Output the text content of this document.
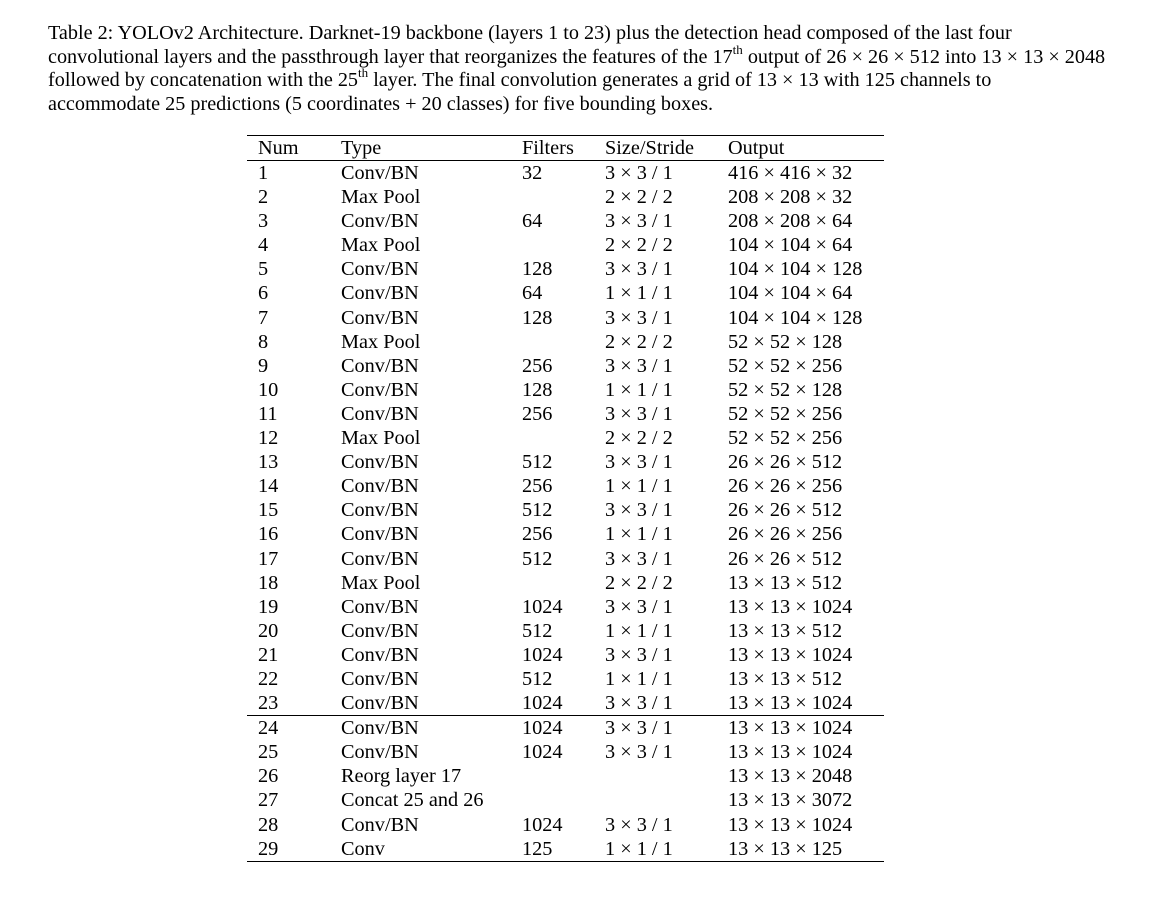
Table 2: YOLOv2 Architecture. Darknet-19 backbone (layers 1 to 23) plus the detection head composed of the last four convolutional layers and the passthrough layer that reorganizes the features of the 17th output of 26 × 26 × 512 into 13 × 13 × 2048 followed by concatenation with the 25th layer. The final convolution generates a grid of 13 × 13 with 125 channels to accommodate 25 predictions (5 coordinates + 20 classes) for five bounding boxes.
Num	Type	Filters	Size/Stride	Output
1	Conv/BN	32	3 × 3 / 1	416 × 416 × 32
2	Max Pool		2 × 2 / 2	208 × 208 × 32
3	Conv/BN	64	3 × 3 / 1	208 × 208 × 64
4	Max Pool		2 × 2 / 2	104 × 104 × 64
5	Conv/BN	128	3 × 3 / 1	104 × 104 × 128
6	Conv/BN	64	1 × 1 / 1	104 × 104 × 64
7	Conv/BN	128	3 × 3 / 1	104 × 104 × 128
8	Max Pool		2 × 2 / 2	52 × 52 × 128
9	Conv/BN	256	3 × 3 / 1	52 × 52 × 256
10	Conv/BN	128	1 × 1 / 1	52 × 52 × 128
11	Conv/BN	256	3 × 3 / 1	52 × 52 × 256
12	Max Pool		2 × 2 / 2	52 × 52 × 256
13	Conv/BN	512	3 × 3 / 1	26 × 26 × 512
14	Conv/BN	256	1 × 1 / 1	26 × 26 × 256
15	Conv/BN	512	3 × 3 / 1	26 × 26 × 512
16	Conv/BN	256	1 × 1 / 1	26 × 26 × 256
17	Conv/BN	512	3 × 3 / 1	26 × 26 × 512
18	Max Pool		2 × 2 / 2	13 × 13 × 512
19	Conv/BN	1024	3 × 3 / 1	13 × 13 × 1024
20	Conv/BN	512	1 × 1 / 1	13 × 13 × 512
21	Conv/BN	1024	3 × 3 / 1	13 × 13 × 1024
22	Conv/BN	512	1 × 1 / 1	13 × 13 × 512
23	Conv/BN	1024	3 × 3 / 1	13 × 13 × 1024
24	Conv/BN	1024	3 × 3 / 1	13 × 13 × 1024
25	Conv/BN	1024	3 × 3 / 1	13 × 13 × 1024
26	Reorg layer 17			13 × 13 × 2048
27	Concat 25 and 26			13 × 13 × 3072
28	Conv/BN	1024	3 × 3 / 1	13 × 13 × 1024
29	Conv	125	1 × 1 / 1	13 × 13 × 125
